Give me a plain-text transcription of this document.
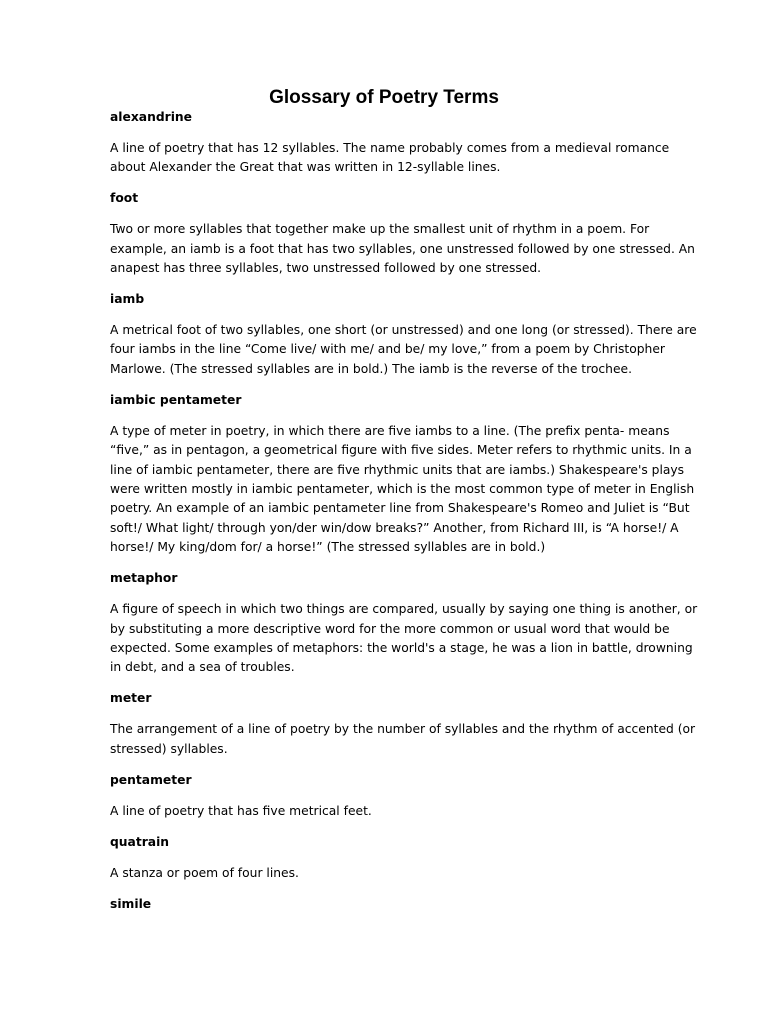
Glossary of Poetry Terms
alexandrine
A line of poetry that has 12 syllables. The name probably comes from a medieval romance
about Alexander the Great that was written in 12-syllable lines.
foot
Two or more syllables that together make up the smallest unit of rhythm in a poem. For
example, an iamb is a foot that has two syllables, one unstressed followed by one stressed. An
anapest has three syllables, two unstressed followed by one stressed.
iamb
A metrical foot of two syllables, one short (or unstressed) and one long (or stressed). There are
four iambs in the line “Come live/ with me/ and be/ my love,” from a poem by Christopher
Marlowe. (The stressed syllables are in bold.) The iamb is the reverse of the trochee.
iambic pentameter
A type of meter in poetry, in which there are five iambs to a line. (The prefix penta- means
“five,” as in pentagon, a geometrical figure with five sides. Meter refers to rhythmic units. In a
line of iambic pentameter, there are five rhythmic units that are iambs.) Shakespeare's plays
were written mostly in iambic pentameter, which is the most common type of meter in English
poetry. An example of an iambic pentameter line from Shakespeare's Romeo and Juliet is “But
soft!/ What light/ through yon/der win/dow breaks?” Another, from Richard III, is “A horse!/ A
horse!/ My king/dom for/ a horse!” (The stressed syllables are in bold.)
metaphor
A figure of speech in which two things are compared, usually by saying one thing is another, or
by substituting a more descriptive word for the more common or usual word that would be
expected. Some examples of metaphors: the world's a stage, he was a lion in battle, drowning
in debt, and a sea of troubles.
meter
The arrangement of a line of poetry by the number of syllables and the rhythm of accented (or
stressed) syllables.
pentameter
A line of poetry that has five metrical feet.
quatrain
A stanza or poem of four lines.
simile
